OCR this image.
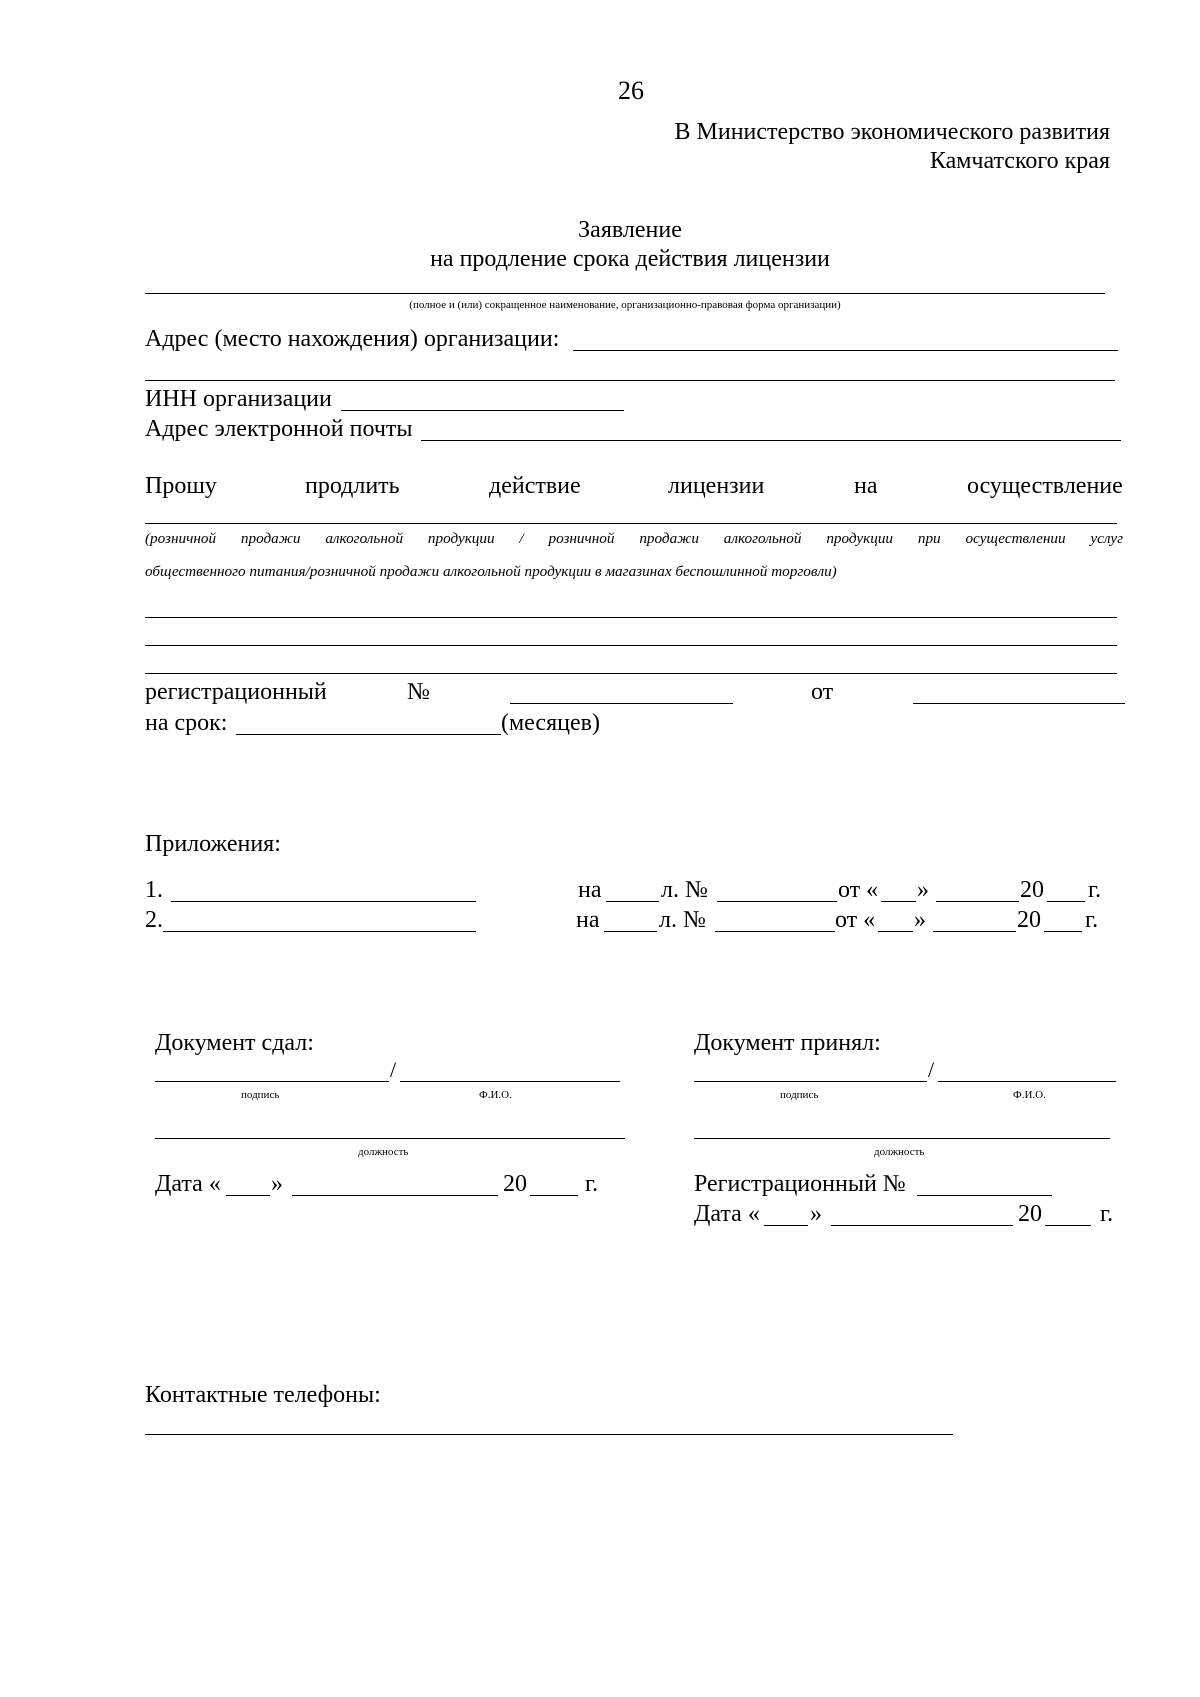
26
В Министерство экономического развития
Камчатского края
Заявление
на продление срока действия лицензии
(полное и (или) сокращенное наименование, организационно-правовая форма организации)
Адрес (место нахождения) организации:
ИНН организации
Адрес электронной почты
Прошу	продлить	действие	лицензии	на	осуществление
(розничной продажи алкогольной продукции / розничной продажи алкогольной продукции при осуществлении услуг
общественного питания/розничной продажи алкогольной продукции в магазинах беспошлинной торговли)
регистрационный	№	от
на срок:	(месяцев)
Приложения:
1.	на л. №	от « »	20 г.
2.	на л. №	от « »	20 г.
Документ сдал:
/
подпись	Ф.И.О.
должность
Дата « »	20 г.
Документ принял:
/
подпись	Ф.И.О.
должность
Регистрационный №
Дата « »	20 г.
Контактные телефоны:
